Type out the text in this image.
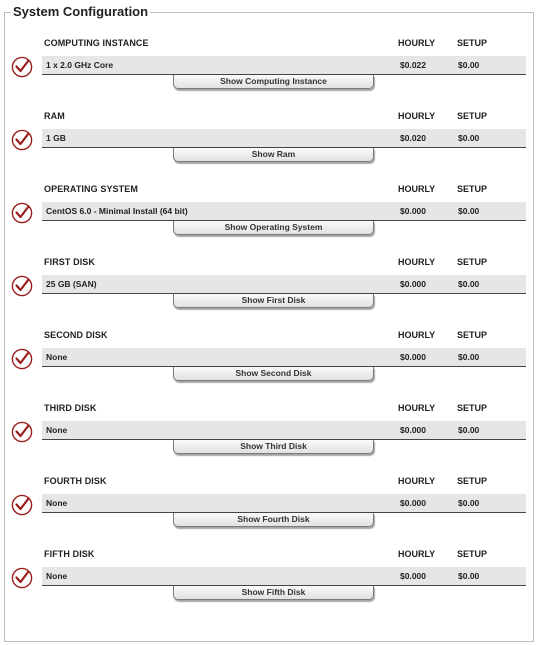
System Configuration
COMPUTING INSTANCE	HOURLY SETUP
1 x 2.0 GHz Core	$0.022	$0.00
Show Computing Instance
RAM	HOURLY SETUP
1 GB	$0.020	$0.00
Show Ram
OPERATING SYSTEM	HOURLY SETUP
CentOS 6.0 - Minimal Install (64 bit)	$0.000	$0.00
Show Operating System
FIRST DISK	HOURLY SETUP
25 GB (SAN)	$0.000	$0.00
Show First Disk
SECOND DISK	HOURLY SETUP
None	$0.000	$0.00
Show Second Disk
THIRD DISK	HOURLY SETUP
None	$0.000	$0.00
Show Third Disk
FOURTH DISK	HOURLY SETUP
None	$0.000	$0.00
Show Fourth Disk
FIFTH DISK	HOURLY SETUP
None	$0.000	$0.00
Show Fifth Disk
